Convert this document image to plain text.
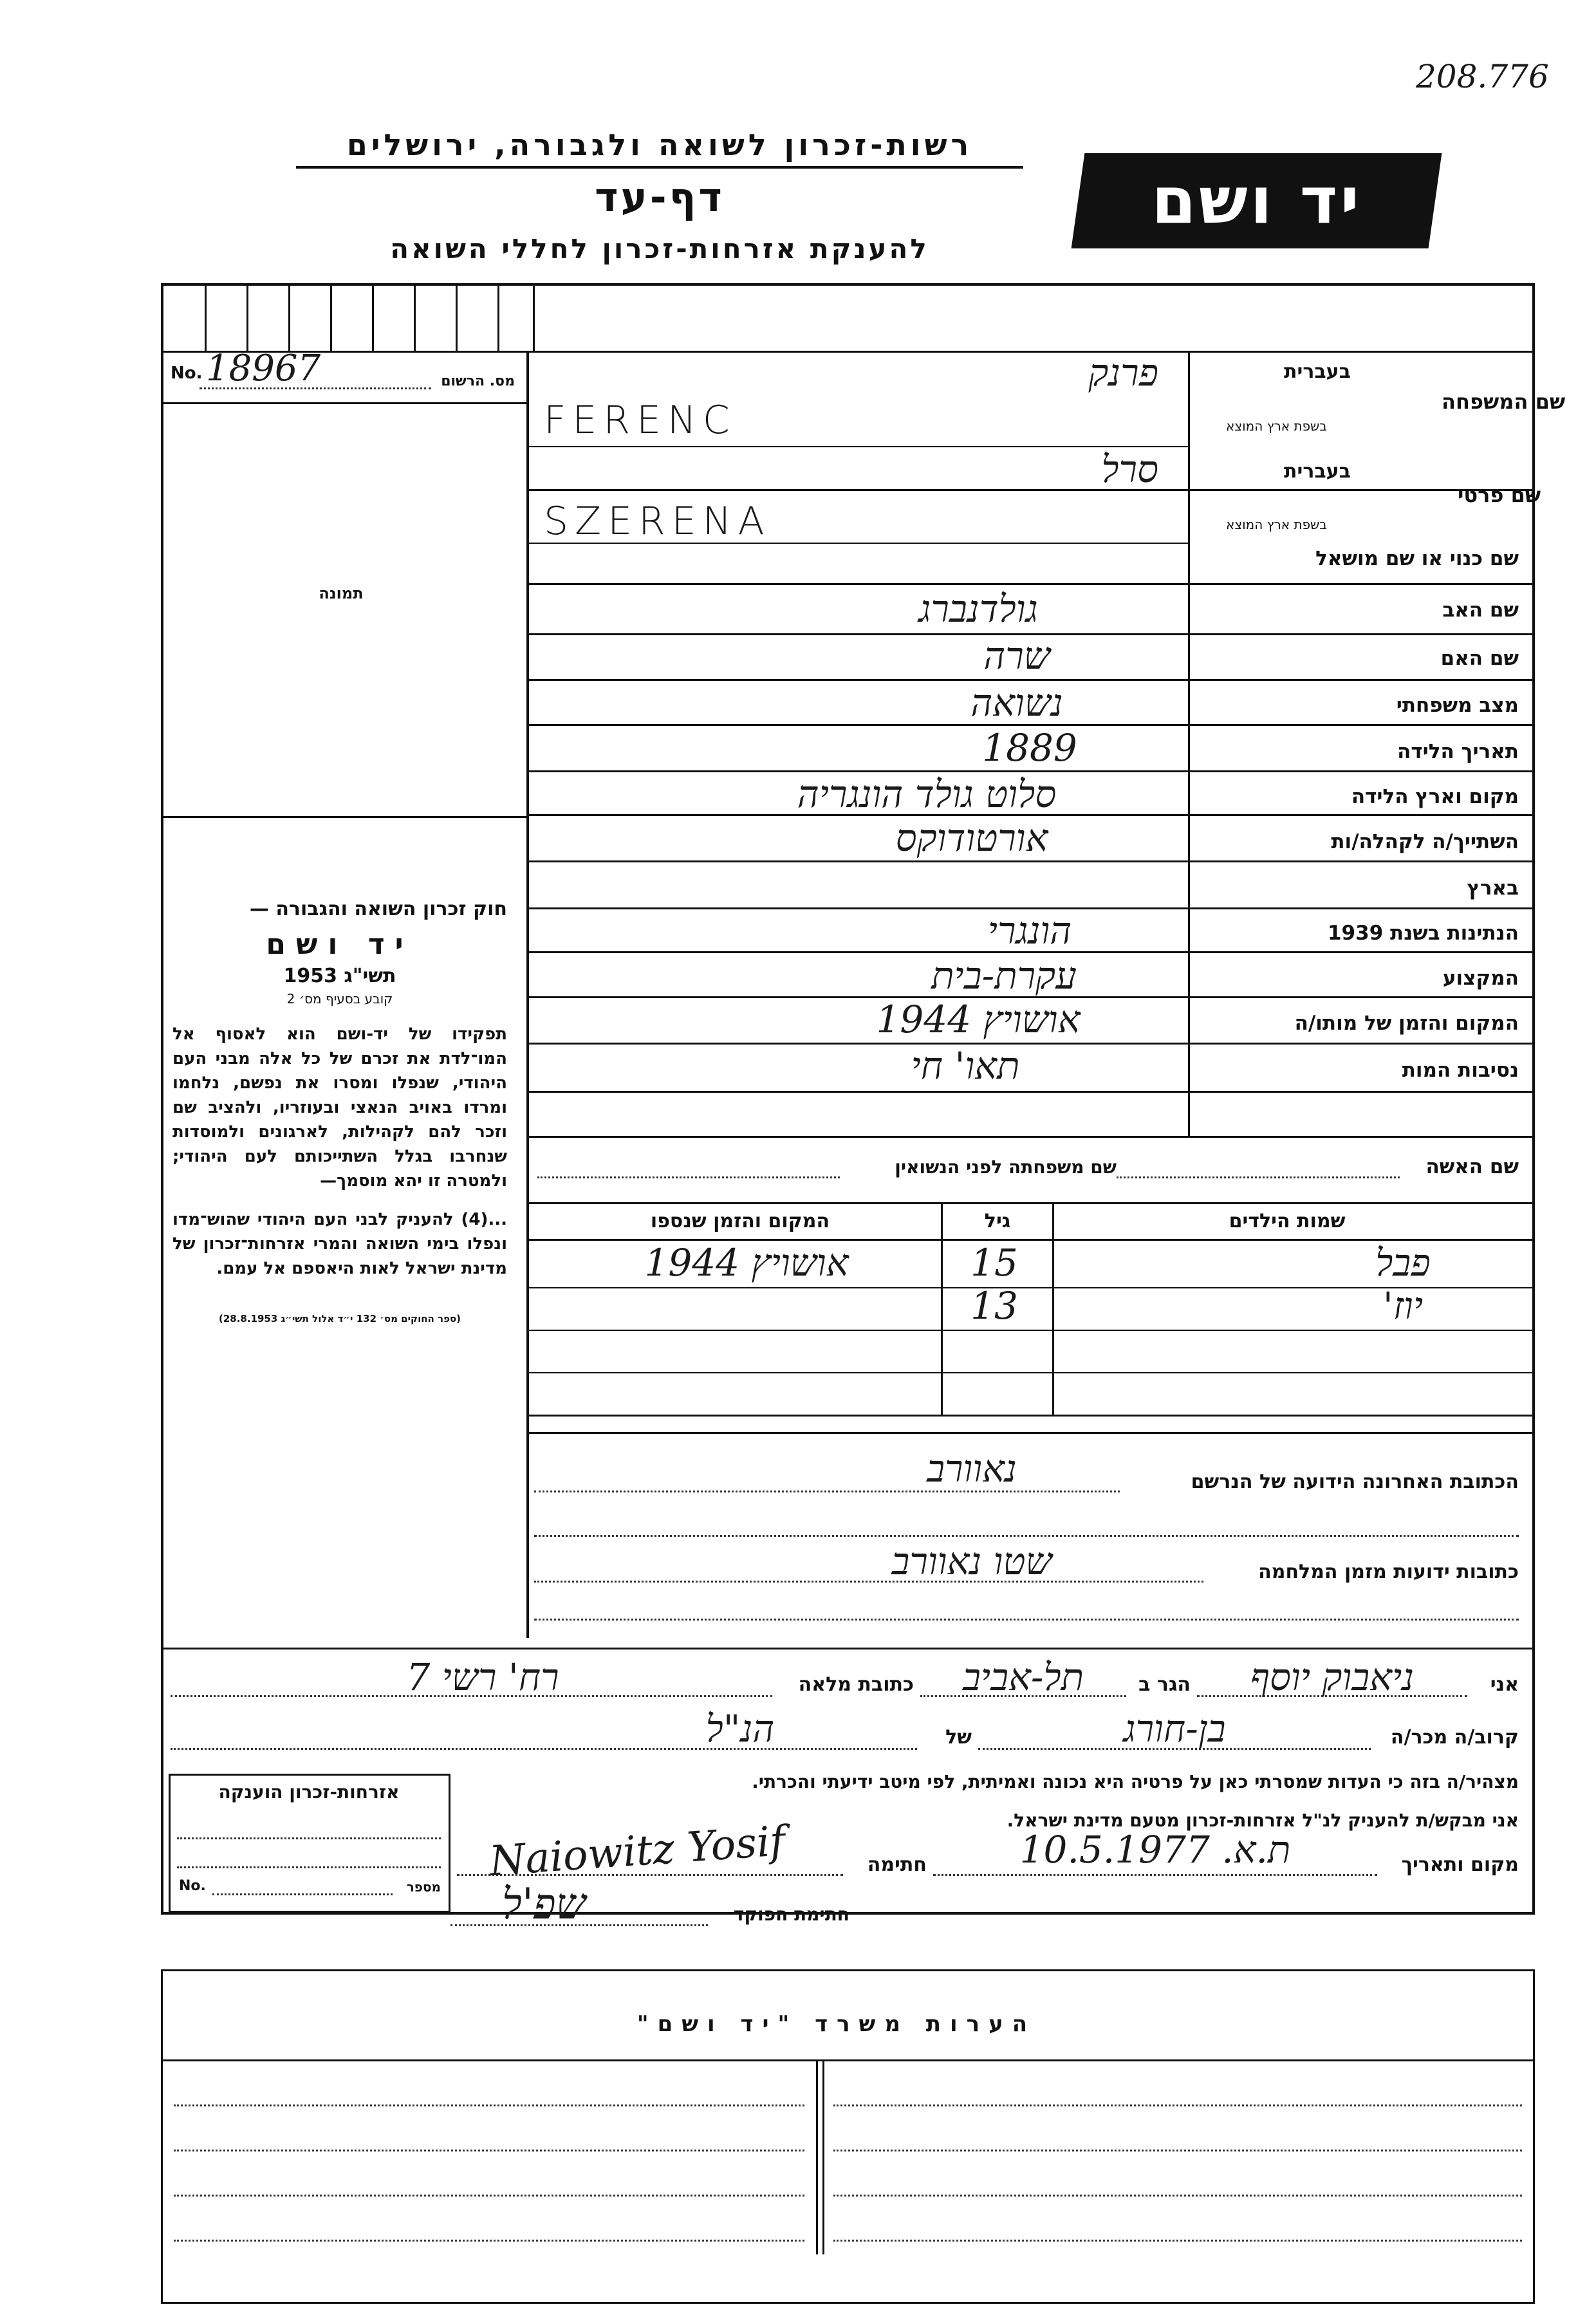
208.776
רשות-זכרון לשואה ולגבורה, ירושלים
דף-עד
להענקת אזרחות-זכרון לחללי השואה
יד ושם
No. 18967	מס. הרשום
תמונה
חוק זכרון השואה והגבורה —
יד ושם
תשי"ג 1953
קובע בסעיף מס׳ 2

תפקידו של יד-ושם הוא לאסוף אל המו־לדת את זכרם של כל אלה מבני העם היהודי, שנפלו ומסרו את נפשם, נלחמו ומרדו באויב הנאצי ובעוזריו, ולהציב שם וזכר להם לקהילות, לארגונים ולמוסדות שנחרבו בגלל השתייכותם לעם היהודי; ולמטרה זו יהא מוסמך—

...(4) להעניק לבני העם היהודי שהוש־מדו ונפלו בימי השואה והמרי אזרחות־זכרון של מדינת ישראל לאות היאספם אל עמם.

(ספר החוקים מס׳ 132 י״ד אלול תשי״ג 28.8.1953)
בעברית
שם המשפחה
בשפת ארץ המוצא
בעברית
שם פרטי
בשפת ארץ המוצא
שם כנוי או שם מושאל
שם האב
שם האם
מצב משפחתי
תאריך הלידה
מקום וארץ הלידה
השתייך/ה לקהלה/ות
בארץ
הנתינות בשנת 1939
המקצוע
המקום והזמן של מותו/ה
נסיבות המות
פרנק
FERENC
סרל
SZERENA
גולדנברג
שרה
נשואה
1889
סלוט גולד הונגריה
אורטודוקס
הונגרי
עקרת-בית
אושויץ 1944
תאו' חי
שם האשה
שם משפחתה לפני הנשואין
שמות הילדים
גיל
המקום והזמן שנספו
פבל
15
אושויץ 1944
יוז'
13
הכתובת האחרונה הידועה של הנרשם
נאוורב
כתובות ידועות מזמן המלחמה
שטו נאוורב
אני
ניאבוק יוסף
הגר ב
תל-אביב
כתובת מלאה
רח' רשי 7
קרוב/ה מכר/ה
בן-חורג
של
הנ"ל
מצהיר/ה בזה כי העדות שמסרתי כאן על פרטיה היא נכונה ואמיתית, לפי מיטב ידיעתי והכרתי.
אני מבקש/ת להעניק לנ"ל אזרחות-זכרון מטעם מדינת ישראל.
מקום ותאריך
ת.א. 10.5.1977
חתימה
Naiowitz Yosif
חתימת הפוקד
שפ'ל
אזרחות-זכרון הוענקה
No.	מספר
הערות משרד "יד ושם"
